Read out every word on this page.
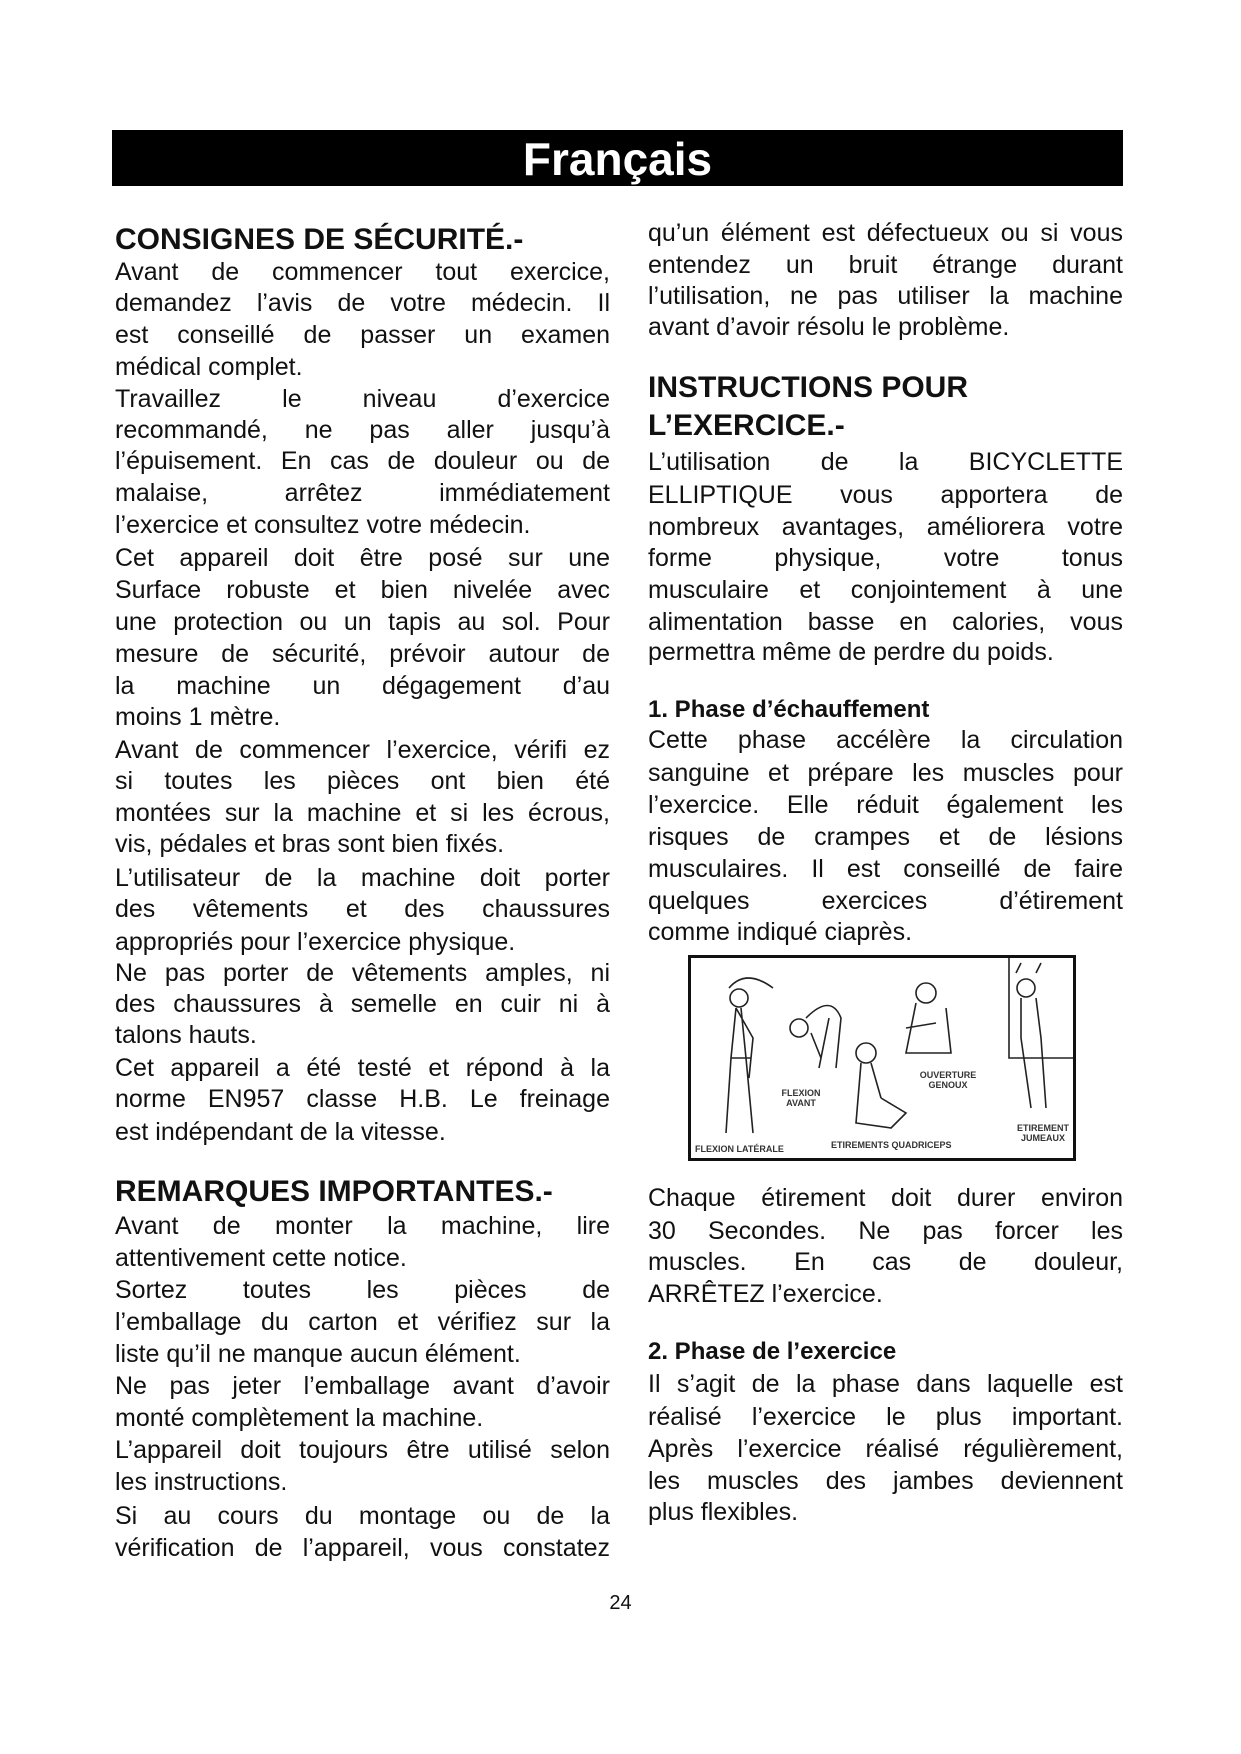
Français
CONSIGNES DE SÉCURITÉ.-
Avant de commencer tout exercice,
demandez l’avis de votre médecin. Il
est conseillé de passer un examen
médical complet.
Travaillez le niveau d’exercice
recommandé, ne pas aller jusqu’à
l’épuisement. En cas de douleur ou de
malaise, arrêtez immédiatement
l’exercice et consultez votre médecin.
Cet appareil doit être posé sur une
Surface robuste et bien nivelée avec
une protection ou un tapis au sol. Pour
mesure de sécurité, prévoir autour de
la machine un dégagement d’au
moins 1 mètre.
Avant de commencer l’exercice, vérifi ez
si toutes les pièces ont bien été
montées sur la machine et si les écrous,
vis, pédales et bras sont bien fixés.
L’utilisateur de la machine doit porter
des vêtements et des chaussures
appropriés pour l’exercice physique.
Ne pas porter de vêtements amples, ni
des chaussures à semelle en cuir ni à
talons hauts.
Cet appareil a été testé et répond à la
norme EN957 classe H.B. Le freinage
est indépendant de la vitesse.
REMARQUES IMPORTANTES.-
Avant de monter la machine, lire
attentivement cette notice.
Sortez toutes les pièces de
l’emballage du carton et vérifiez sur la
liste qu’il ne manque aucun élément.
Ne pas jeter l’emballage avant d’avoir
monté complètement la machine.
L’appareil doit toujours être utilisé selon
les instructions.
Si au cours du montage ou de la
vérification de l’appareil, vous constatez
qu’un élément est défectueux ou si vous
entendez un bruit étrange durant
l’utilisation, ne pas utiliser la machine
avant d’avoir résolu le problème.
INSTRUCTIONS POUR
L’EXERCICE.-
L’utilisation de la BICYCLETTE
ELLIPTIQUE vous apportera de
nombreux avantages, améliorera votre
forme physique, votre tonus
musculaire et conjointement à une
alimentation basse en calories, vous
permettra même de perdre du poids.
1. Phase d’échauffement
Cette phase accélère la circulation
sanguine et prépare les muscles pour
l’exercice. Elle réduit également les
risques de crampes et de lésions
musculaires. Il est conseillé de faire
quelques exercices d’étirement
comme indiqué ciaprès.
Chaque étirement doit durer environ
30 Secondes. Ne pas forcer les
muscles. En cas de douleur,
ARRÊTEZ l’exercice.
2. Phase de l’exercice
Il s’agit de la phase dans laquelle est
réalisé l’exercice le plus important.
Après l’exercice réalisé régulièrement,
les muscles des jambes deviennent
plus flexibles.
FLEXION LATÉRALE
FLEXION AVANT
ETIREMENTS QUADRICEPS
OUVERTURE GENOUX
ETIREMENT JUMEAUX
24
